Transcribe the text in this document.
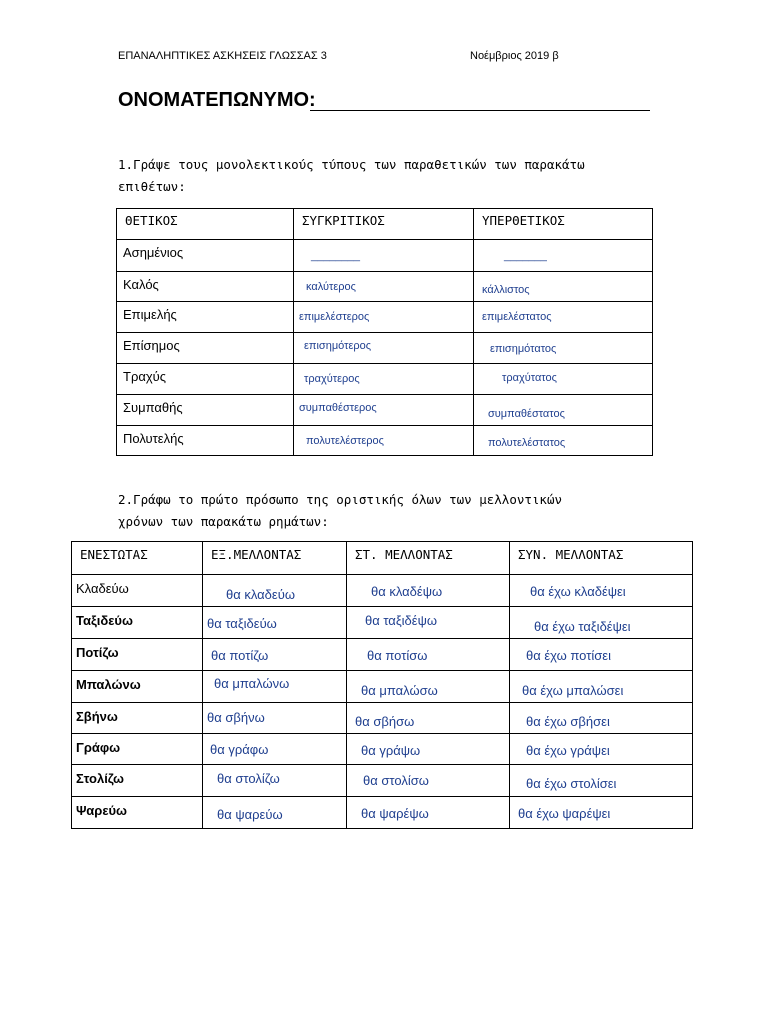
ΕΠΑΝΑΛΗΠΤΙΚΕΣ ΑΣΚΗΣΕΙΣ ΓΛΩΣΣΑΣ 3	Νοέμβριος 2019 β
ΟΝΟΜΑΤΕΠΩΝΥΜΟ:
1.Γράψε τους μονολεκτικούς τύπους των παραθετικών των παρακάτω
επιθέτων:
ΘΕΤΙΚΟΣ	ΣΥΓΚΡΙΤΙΚΟΣ	ΥΠΕΡΘΕΤΙΚΟΣ
Ασημένιος	________	_______

Καλός	καλύτερος	κάλλιστος

Επιμελής	επιμελέστερος	επιμελέστατος

Επίσημος	επισημότερος	επισημότατος

Τραχύς	τραχύτερος	τραχύτατος

Συμπαθής	συμπαθέστερος	συμπαθέστατος

Πολυτελής	πολυτελέστερος	πολυτελέστατος
2.Γράφω το πρώτο πρόσωπο της οριστικής όλων των μελλοντικών
χρόνων των παρακάτω ρημάτων:
ΕΝΕΣΤΩΤΑΣ	ΕΞ.ΜΕΛΛΟΝΤΑΣ	ΣΤ. ΜΕΛΛΟΝΤΑΣ	ΣΥΝ. ΜΕΛΛΟΝΤΑΣ
Κλαδεύω	θα κλαδεύω	θα κλαδέψω	θα έχω κλαδέψει

Ταξιδεύω	θα ταξιδεύω	θα ταξιδέψω	θα έχω ταξιδέψει

Ποτίζω	θα ποτίζω	θα ποτίσω	θα έχω ποτίσει

Μπαλώνω	θα μπαλώνω	θα μπαλώσω	θα έχω μπαλώσει

Σβήνω	θα σβήνω	θα σβήσω	θα έχω σβήσει

Γράφω	θα γράφω	θα γράψω	θα έχω γράψει

Στολίζω	θα στολίζω	θα στολίσω	θα έχω στολίσει

Ψαρεύω	θα ψαρεύω	θα ψαρέψω	θα έχω ψαρέψει
